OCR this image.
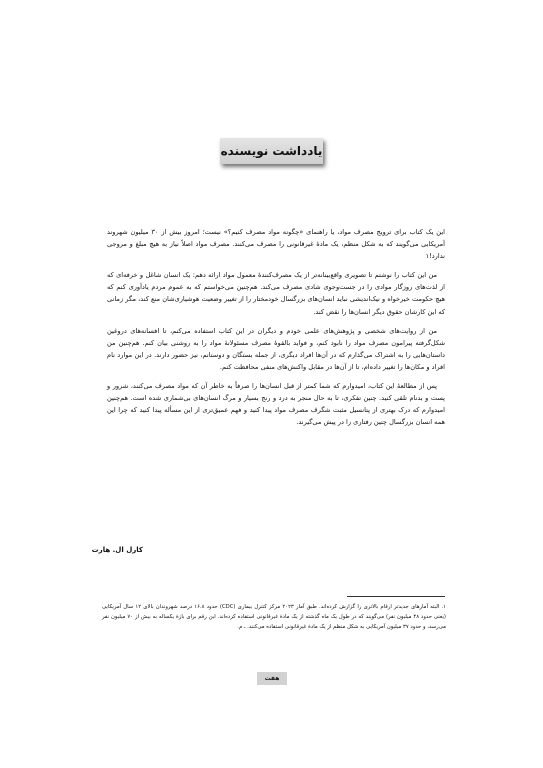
یادداشت نویسنده

این یک کتاب برای ترویج مصرف مواد، یا راهنمای «چگونه مواد مصرف کنیم؟» نیست؛ امروز بیش از ۳۰ میلیون شهروند آمریکایی می‌گویند که به شکل منظم، یک مادهٔ غیرقانونی را مصرف می‌کنند. مصرف مواد اصلاً نیاز به هیچ مبلغ و مروجی ندارد!۱

من این کتاب را نوشتم تا تصویری واقع‌بینانه‌تر از یک مصرف‌کنندهٔ معمول مواد ارائه دهم: یک انسان شاغل و خرفه‌ای که از لذت‌های روزگار موادی را در جست‌وجوی شادی مصرف می‌کند. هم‌چنین می‌خواستم که به عموم مردم یادآوری کنم که هیچ حکومت خیرخواه و نیک‌اندیشی نباید انسان‌های بزرگسال خودمختار را از تغییر وضعیت هوشیاری‌شان منع کند، مگر زمانی که این کارشان حقوق دیگر انسان‌ها را نقض کند.

من از روایت‌های شخصی و پژوهش‌های علمی خودم و دیگران در این کتاب استفاده می‌کنم، تا افسانه‌های دروغین شکل‌گرفته پیرامون مصرف مواد را نابود کنم، و فواید بالقوهٔ مصرف مسئولانهٔ مواد را به روشنی بیان کنم. هم‌چنین من داستان‌هایی را به اشتراک می‌گذارم که در آن‌ها افراد دیگری، از جمله بستگان و دوستانم، نیز حضور دارند. در این موارد نام افراد و مکان‌ها را تغییر داده‌ام، تا از آن‌ها در مقابل واکنش‌های منفی محافظت کنم.

پس از مطالعهٔ این کتاب، امیدوارم که شما کمتر از قبل انسان‌ها را صرفاً به خاطر آن که مواد مصرف می‌کنند، شرور و پست و بدنام تلقی کنید. چنین تفکری، تا به حال منجر به درد و رنج بسیار و مرگ انسان‌های بی‌شماری شده است. هم‌چنین امیدوارم که درک بهتری از پتانسیل مثبت شگرف مصرف مواد پیدا کنید و فهم عمیق‌تری از این مسأله پیدا کنید که چرا این همه انسان بزرگسال چنین رفتاری را در پیش می‌گیرند.

کارل ال. هارت
۱. البته آمارهای جدیدتر ارقام بالاتری را گزارش کرده‌اند. طبق آمار ۲۰۲۳ مرکز کنترل بیماری (CDC) حدود ۱۶.۸ درصد شهروندان بالای ۱۲ سال آمریکایی (یعنی حدود ۴۸ میلیون نفر) می‌گویند که در طول یک ماه گذشته از یک مادهٔ غیرقانونی استفاده کرده‌اند. این رقم برای بازهٔ یکساله به بیش از ۷۰ میلیون نفر می‌رسد، و حدود ۳۷ میلیون آمریکایی به شکل منظم از یک مادهٔ غیرقانونی استفاده می‌کنند. ـ م.
هفت
